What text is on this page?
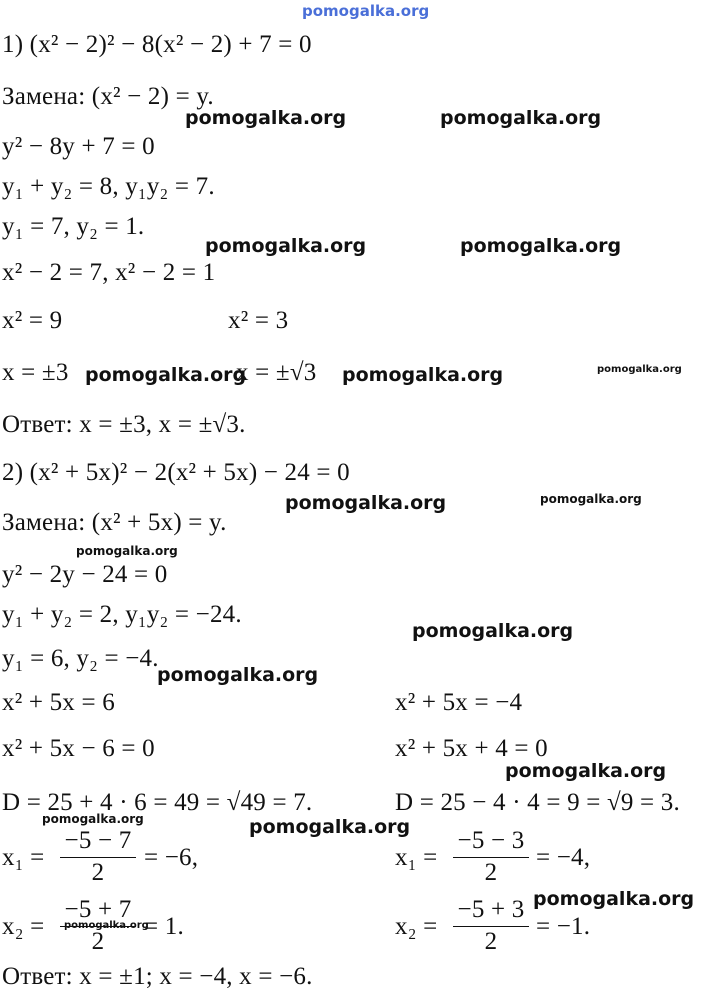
pomogalka.org
1) (x² − 2)² − 8(x² − 2) + 7 = 0
Замена: (x² − 2) = y.
y² − 8y + 7 = 0
y₁ + y₂ = 8, y₁y₂ = 7.
y₁ = 7, y₂ = 1.
x² − 2 = 7, x² − 2 = 1
x² = 9	x² = 3
x = ±3	x = ±√3
Ответ: x = ±3, x = ±√3.
2) (x² + 5x)² − 2(x² + 5x) − 24 = 0
Замена: (x² + 5x) = y.
y² − 2y − 24 = 0
y₁ + y₂ = 2, y₁y₂ = −24.
y₁ = 6, y₂ = −4.
x² + 5x = 6	x² + 5x = −4
x² + 5x − 6 = 0	x² + 5x + 4 = 0
D = 25 + 4 · 6 = 49 = √49 = 7.	D = 25 − 4 · 4 = 9 = √9 = 3.
x₁ =
−5 − 7
2
= −6,	x₁ =
−5 − 3
2
= −4,
x₂ =
−5 + 7
2
= 1.	x₂ =
−5 + 3
2
= −1.
Ответ: x = ±1; x = −4, x = −6.
pomogalka.org	pomogalka.org
pomogalka.org	pomogalka.org
pomogalka.org	pomogalka.org	pomogalka.org
pomogalka.org	pomogalka.org
pomogalka.org
pomogalka.org
pomogalka.org
pomogalka.org
pomogalka.org	pomogalka.org
pomogalka.org
pomogalka.org
